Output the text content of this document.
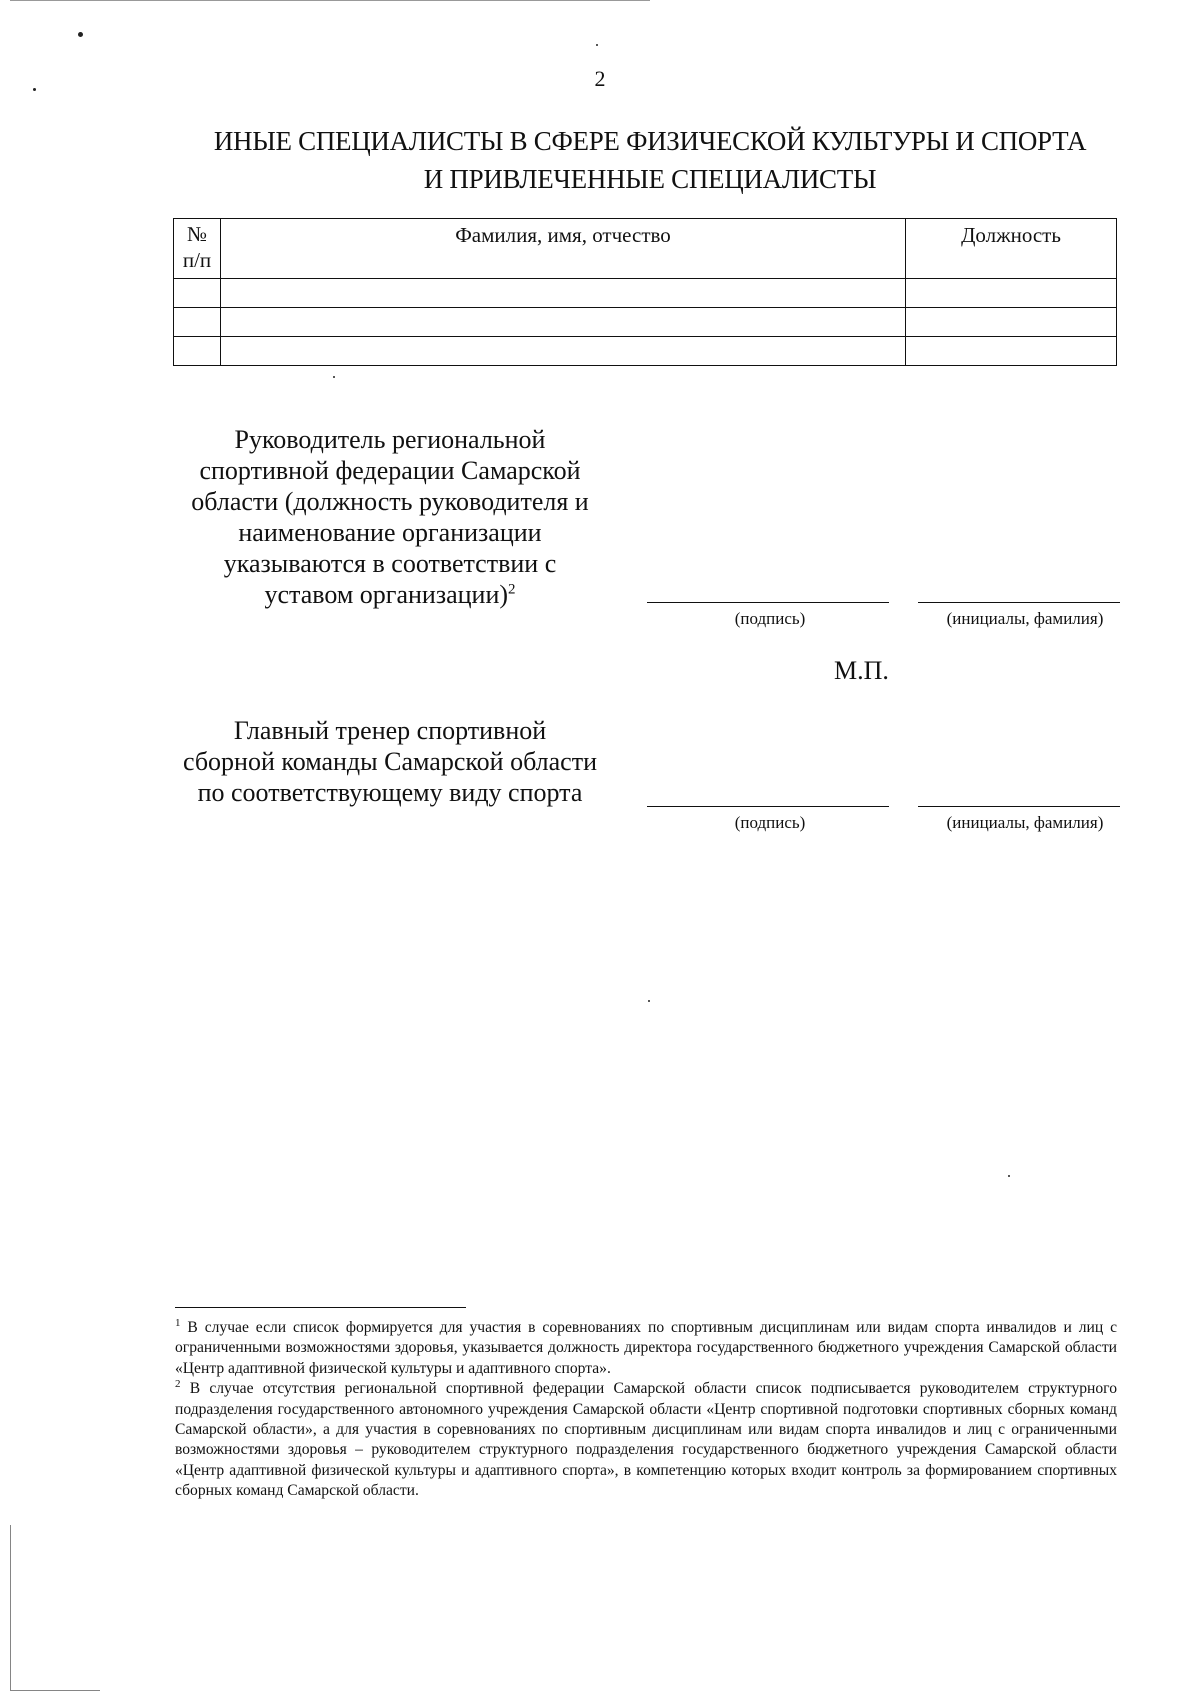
2
ИНЫЕ СПЕЦИАЛИСТЫ В СФЕРЕ ФИЗИЧЕСКОЙ КУЛЬТУРЫ И СПОРТА
И ПРИВЛЕЧЕННЫЕ СПЕЦИАЛИСТЫ
№
п/п	Фамилия, имя, отчество	Должность

Руководитель региональной
спортивной федерации Самарской
области (должность руководителя и
наименование организации
указываются в соответствии с
уставом организации)$^2$
(подпись)	(инициалы, фамилия)
М.П.
Главный тренер спортивной
сборной команды Самарской области
по соответствующему виду спорта
(подпись)	(инициалы, фамилия)

$^1$ В случае если список формируется для участия в соревнованиях по спортивным дисциплинам или видам спорта инвалидов и лиц с ограниченными возможностями здоровья, указывается должность директора государственного бюджетного учреждения Самарской области «Центр адаптивной физической культуры и адаптивного спорта».

$^2$ В случае отсутствия региональной спортивной федерации Самарской области список подписывается руководителем структурного подразделения государственного автономного учреждения Самарской области «Центр спортивной подготовки спортивных сборных команд Самарской области», а для участия в соревнованиях по спортивным дисциплинам или видам спорта инвалидов и лиц с ограниченными возможностями здоровья – руководителем структурного подразделения государственного бюджетного учреждения Самарской области «Центр адаптивной физической культуры и адаптивного спорта», в компетенцию которых входит контроль за формированием спортивных сборных команд Самарской области.
